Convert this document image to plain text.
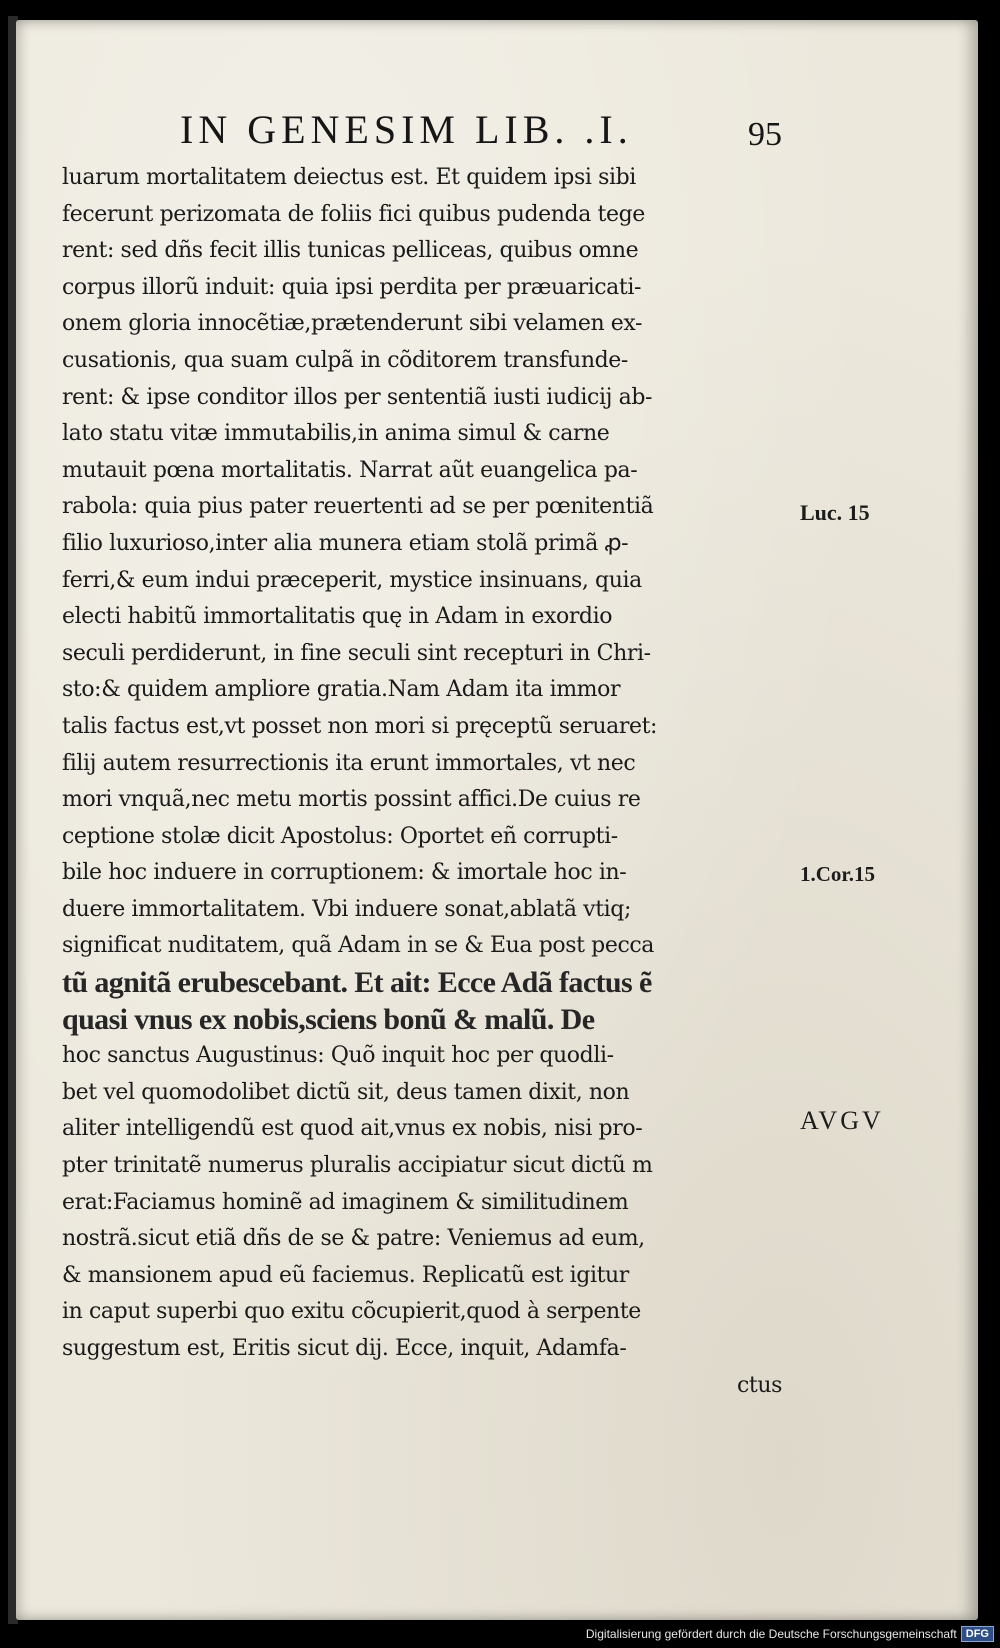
IN GENESIM LIB. .I.	95
luarum mortalitatem deiectus est. Et quidem ipsi sibi
fecerunt perizomata de foliis fici quibus pudenda tege
rent: sed dñs fecit illis tunicas pelliceas, quibus omne
corpus illorũ induit: quia ipsi perdita per præuaricati-
onem gloria innocẽtiæ,prætenderunt sibi velamen ex-
cusationis, qua suam culpã in cõditorem transfunde-
rent: & ipse conditor illos per sententiã iusti iudicij ab-
lato statu vitæ immutabilis,in anima simul & carne
mutauit pœna mortalitatis. Narrat aũt euangelica pa-
rabola: quia pius pater reuertenti ad se per pœnitentiã
filio luxurioso,inter alia munera etiam stolã primã ꝓ-
ferri,& eum indui præceperit, mystice insinuans, quia
electi habitũ immortalitatis quę in Adam in exordio
seculi perdiderunt, in fine seculi sint recepturi in Chri-
sto:& quidem ampliore gratia.Nam Adam ita immor
talis factus est,vt posset non mori si pręceptũ seruaret:
filij autem resurrectionis ita erunt immortales, vt nec
mori vnquã,nec metu mortis possint affici.De cuius re
ceptione stolæ dicit Apostolus: Oportet eñ corrupti-
bile hoc induere in corruptionem: & imortale hoc in-
duere immortalitatem. Vbi induere sonat,ablatã vtiq;
significat nuditatem, quã Adam in se & Eua post pecca
tũ agnitã erubescebant. Et ait: Ecce Adã factus ẽ
quasi vnus ex nobis,sciens bonũ & malũ. De
hoc sanctus Augustinus: Quõ inquit hoc per quodli-
bet vel quomodolibet dictũ sit, deus tamen dixit, non
aliter intelligendũ est quod ait,vnus ex nobis, nisi pro-
pter trinitatẽ numerus pluralis accipiatur sicut dictũ m
erat:Faciamus hominẽ ad imaginem & similitudinem
nostrã.sicut etiã dñs de se & patre: Veniemus ad eum,
& mansionem apud eũ faciemus. Replicatũ est igitur
in caput superbi quo exitu cõcupierit,quod à serpente
suggestum est, Eritis sicut dij. Ecce, inquit, Adamfa-
ctus
Luc. 15
1.Cor.15
AVGV
Digitalisierung gefördert durch die Deutsche Forschungsgemeinschaft DFG
